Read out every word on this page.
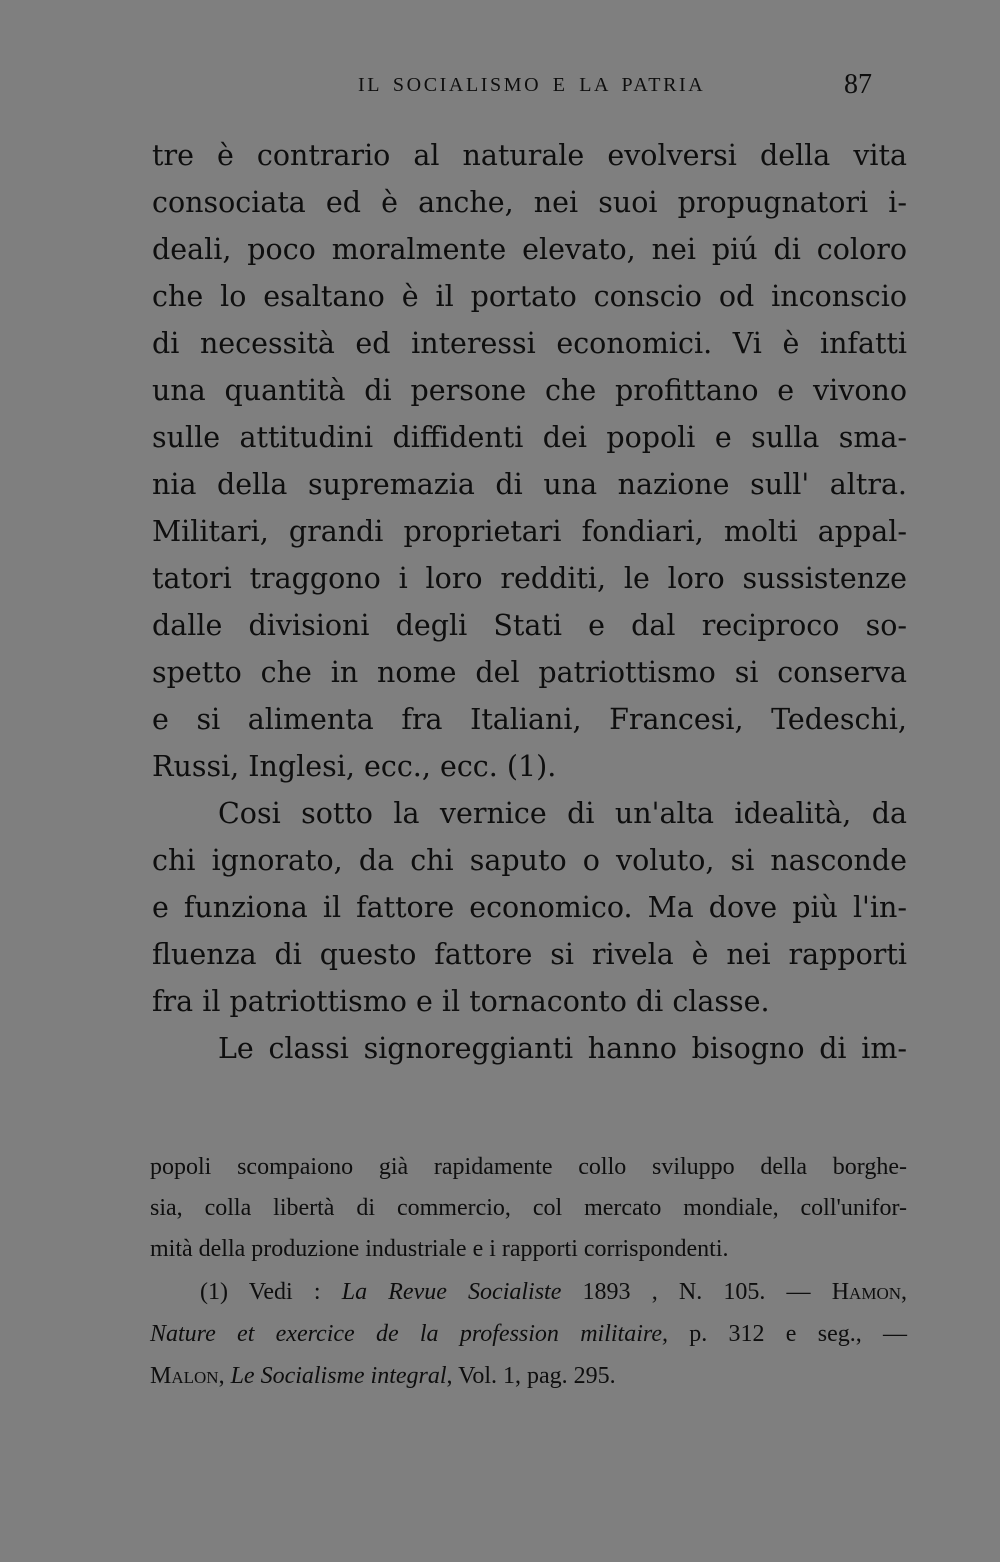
IL SOCIALISMO E LA PATRIA	87
tre è contrario al naturale evolversi della vita
consociata ed è anche, nei suoi propugnatori i-
deali, poco moralmente elevato, nei piú di coloro
che lo esaltano è il portato conscio od inconscio
di necessità ed interessi economici. Vi è infatti
una quantità di persone che profittano e vivono
sulle attitudini diffidenti dei popoli e sulla sma-
nia della supremazia di una nazione sull' altra.
Militari, grandi proprietari fondiari, molti appal-
tatori traggono i loro redditi, le loro sussistenze
dalle divisioni degli Stati e dal reciproco so-
spetto che in nome del patriottismo si conserva
e si alimenta fra Italiani, Francesi, Tedeschi,
Russi, Inglesi, ecc., ecc. (1).
Cosi sotto la vernice di un'alta idealità, da
chi ignorato, da chi saputo o voluto, si nasconde
e funziona il fattore economico. Ma dove più l'in-
fluenza di questo fattore si rivela è nei rapporti
fra il patriottismo e il tornaconto di classe.
Le classi signoreggianti hanno bisogno di im-
popoli scompaiono già rapidamente collo sviluppo della borghe-
sia, colla libertà di commercio, col mercato mondiale, coll'unifor-
mità della produzione industriale e i rapporti corrispondenti.
(1) Vedi : La Revue Socialiste 1893 , N. 105. — Hamon,
Nature et exercice de la profession militaire, p. 312 e seg., —
Malon, Le Socialisme integral, Vol. 1, pag. 295.
